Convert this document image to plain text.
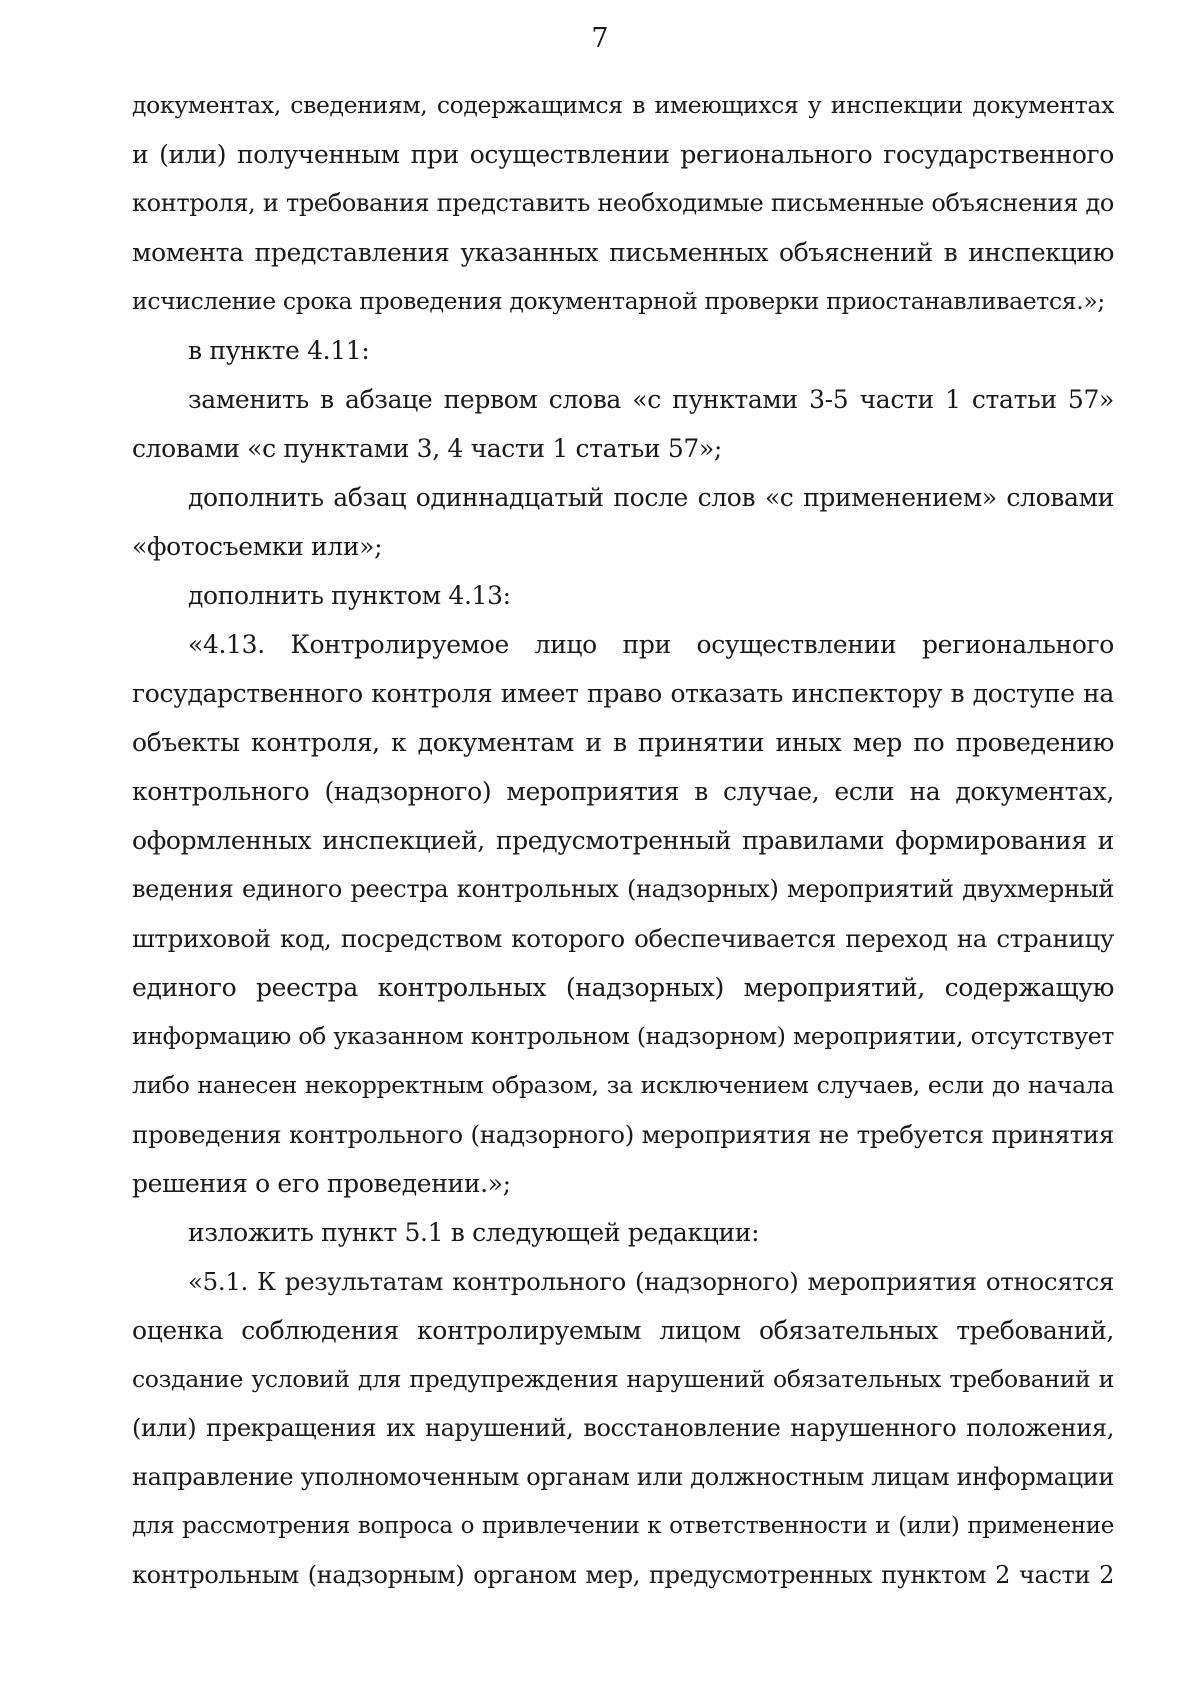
7
документах, сведениям, содержащимся в имеющихся у инспекции документах
и (или) полученным при осуществлении регионального государственного
контроля, и требования представить необходимые письменные объяснения до
момента представления указанных письменных объяснений в инспекцию
исчисление срока проведения документарной проверки приостанавливается.»;
в пункте 4.11:
заменить в абзаце первом слова «с пунктами 3-5 части 1 статьи 57»
словами «с пунктами 3, 4 части 1 статьи 57»;
дополнить абзац одиннадцатый после слов «с применением» словами
«фотосъемки или»;
дополнить пунктом 4.13:
«4.13. Контролируемое лицо при осуществлении регионального
государственного контроля имеет право отказать инспектору в доступе на
объекты контроля, к документам и в принятии иных мер по проведению
контрольного (надзорного) мероприятия в случае, если на документах,
оформленных инспекцией, предусмотренный правилами формирования и
ведения единого реестра контрольных (надзорных) мероприятий двухмерный
штриховой код, посредством которого обеспечивается переход на страницу
единого реестра контрольных (надзорных) мероприятий, содержащую
информацию об указанном контрольном (надзорном) мероприятии, отсутствует
либо нанесен некорректным образом, за исключением случаев, если до начала
проведения контрольного (надзорного) мероприятия не требуется принятия
решения о его проведении.»;
изложить пункт 5.1 в следующей редакции:
«5.1. К результатам контрольного (надзорного) мероприятия относятся
оценка соблюдения контролируемым лицом обязательных требований,
создание условий для предупреждения нарушений обязательных требований и
(или) прекращения их нарушений, восстановление нарушенного положения,
направление уполномоченным органам или должностным лицам информации
для рассмотрения вопроса о привлечении к ответственности и (или) применение
контрольным (надзорным) органом мер, предусмотренных пунктом 2 части 2
